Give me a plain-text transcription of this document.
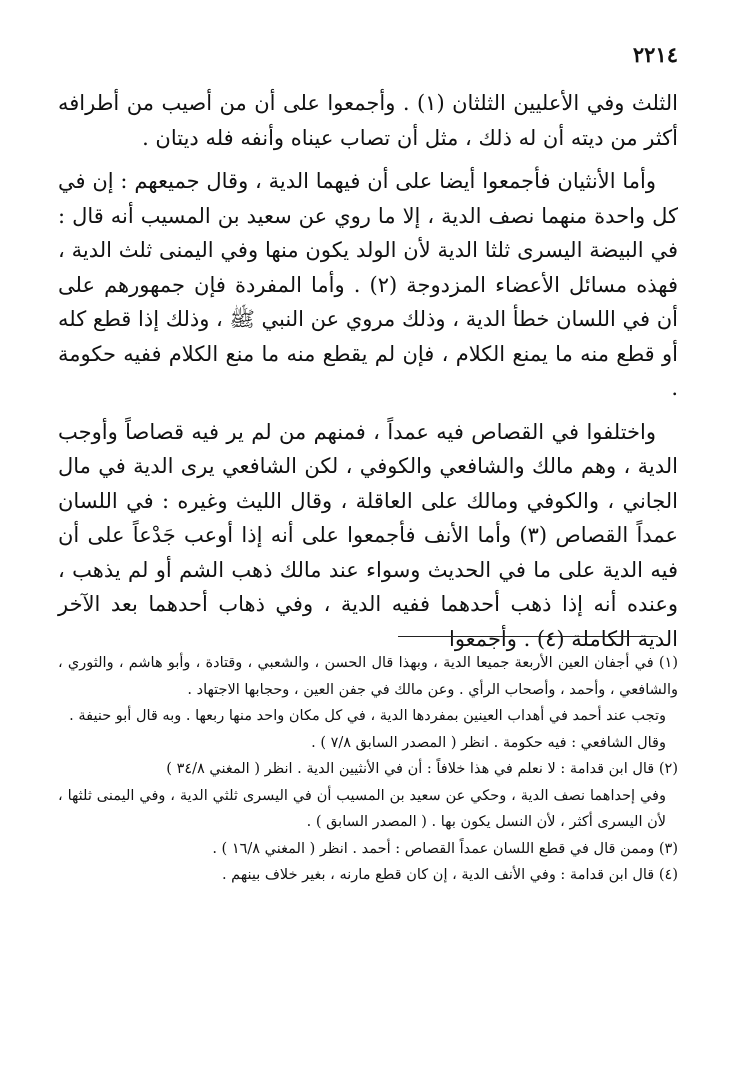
٢٢١٤

الثلث وفي الأعليين الثلثان (١) . وأجمعوا على أن من أصيب من أطرافه أكثر من ديته أن له ذلك ، مثل أن تصاب عيناه وأنفه فله ديتان .

وأما الأنثيان فأجمعوا أيضا على أن فيهما الدية ، وقال جميعهم : إن في كل واحدة منهما نصف الدية ، إلا ما روي عن سعيد بن المسيب أنه قال : في البيضة اليسرى ثلثا الدية لأن الولد يكون منها وفي اليمنى ثلث الدية ، فهذه مسائل الأعضاء المزدوجة (٢) . وأما المفردة فإن جمهورهم على أن في اللسان خطأ الدية ، وذلك مروي عن النبي ﷺ ، وذلك إذا قطع كله أو قطع منه ما يمنع الكلام ، فإن لم يقطع منه ما منع الكلام ففيه حكومة .

واختلفوا في القصاص فيه عمداً ، فمنهم من لم ير فيه قصاصاً وأوجب الدية ، وهم مالك والشافعي والكوفي ، لكن الشافعي يرى الدية في مال الجاني ، والكوفي ومالك على العاقلة ، وقال الليث وغيره : في اللسان عمداً القصاص (٣) وأما الأنف فأجمعوا على أنه إذا أوعب جَدْعاً على أن فيه الدية على ما في الحديث وسواء عند مالك ذهب الشم أو لم يذهب ، وعنده أنه إذا ذهب أحدهما ففيه الدية ، وفي ذهاب أحدهما بعد الآخر الدية الكاملة (٤) . وأجمعوا

(١) في أجفان العين الأربعة جميعا الدية ، وبهذا قال الحسن ، والشعبي ، وقتادة ، وأبو هاشم ، والثوري ، والشافعي ، وأحمد ، وأصحاب الرأي . وعن مالك في جفن العين ، وحجابها الاجتهاد .

وتجب عند أحمد في أهداب العينين بمفردها الدية ، في كل مكان واحد منها ربعها . وبه قال أبو حنيفة .

وقال الشافعي : فيه حكومة . انظر ( المصدر السابق ٧/٨ ) .

(٢) قال ابن قدامة : لا نعلم في هذا خلافاً : أن في الأنثيين الدية . انظر ( المغني ٣٤/٨ )

وفي إحداهما نصف الدية ، وحكي عن سعيد بن المسيب أن في اليسرى ثلثي الدية ، وفي اليمنى ثلثها ، لأن اليسرى أكثر ، لأن النسل يكون بها . ( المصدر السابق ) .

(٣) وممن قال في قطع اللسان عمداً القصاص : أحمد . انظر ( المغني ١٦/٨ ) .

(٤) قال ابن قدامة : وفي الأنف الدية ، إن كان قطع مارنه ، بغير خلاف بينهم .
